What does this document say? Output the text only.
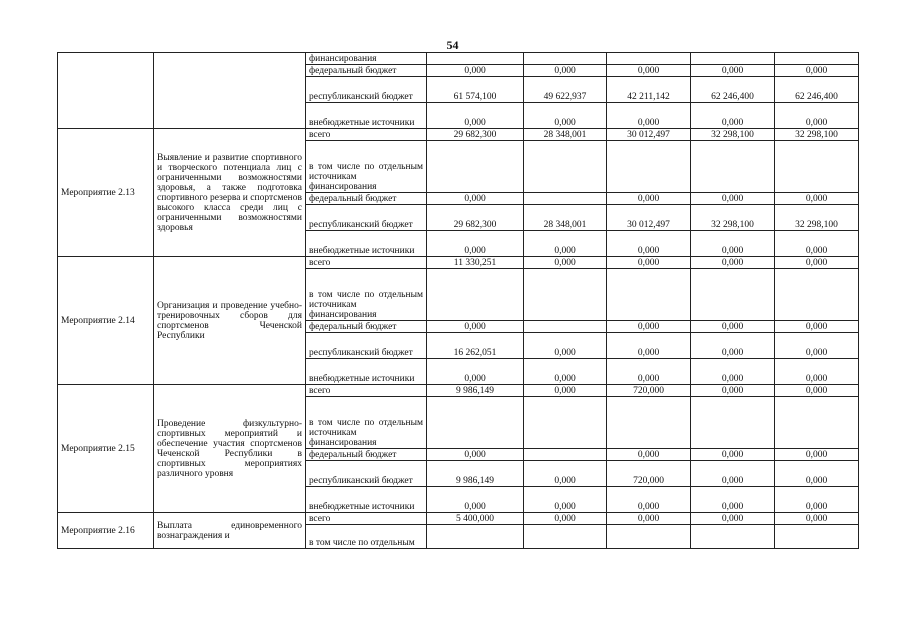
54
		финансирования					
		федеральный бюджет	0,000	0,000	0,000	0,000	0,000
		республиканский бюджет	61 574,100	49 622,937	42 211,142	62 246,400	62 246,400
		внебюджетные источники	0,000	0,000	0,000	0,000	0,000
Мероприятие 2.13	Выявление и развитие спортивного и творческого потенциала лиц с ограниченными возможностями здоровья, а также подготовка спортивного резерва и спортсменов высокого класса среди лиц с ограниченными возможностями здоровья	всего	29 682,300	28 348,001	30 012,497	32 298,100	32 298,100
		в том числе по отдельным источникам финансирования					
		федеральный бюджет	0,000		0,000	0,000	0,000
		республиканский бюджет	29 682,300	28 348,001	30 012,497	32 298,100	32 298,100
		внебюджетные источники	0,000	0,000	0,000	0,000	0,000
Мероприятие 2.14	Организация и проведение учебно-тренировочных сборов для спортсменов Чеченской Республики	всего	11 330,251	0,000	0,000	0,000	0,000
		в том числе по отдельным источникам финансирования					
		федеральный бюджет	0,000		0,000	0,000	0,000
		республиканский бюджет	16 262,051	0,000	0,000	0,000	0,000
		внебюджетные источники	0,000	0,000	0,000	0,000	0,000
Мероприятие 2.15	Проведение физкультурно-спортивных мероприятий и обеспечение участия спортсменов Чеченской Республики в спортивных мероприятиях различного уровня	всего	9 986,149	0,000	720,000	0,000	0,000
		в том числе по отдельным источникам финансирования					
		федеральный бюджет	0,000		0,000	0,000	0,000
		республиканский бюджет	9 986,149	0,000	720,000	0,000	0,000
		внебюджетные источники	0,000	0,000	0,000	0,000	0,000
Мероприятие 2.16	Выплата единовременного вознаграждения и	всего	5 400,000	0,000	0,000	0,000	0,000
		в том числе по отдельным					
